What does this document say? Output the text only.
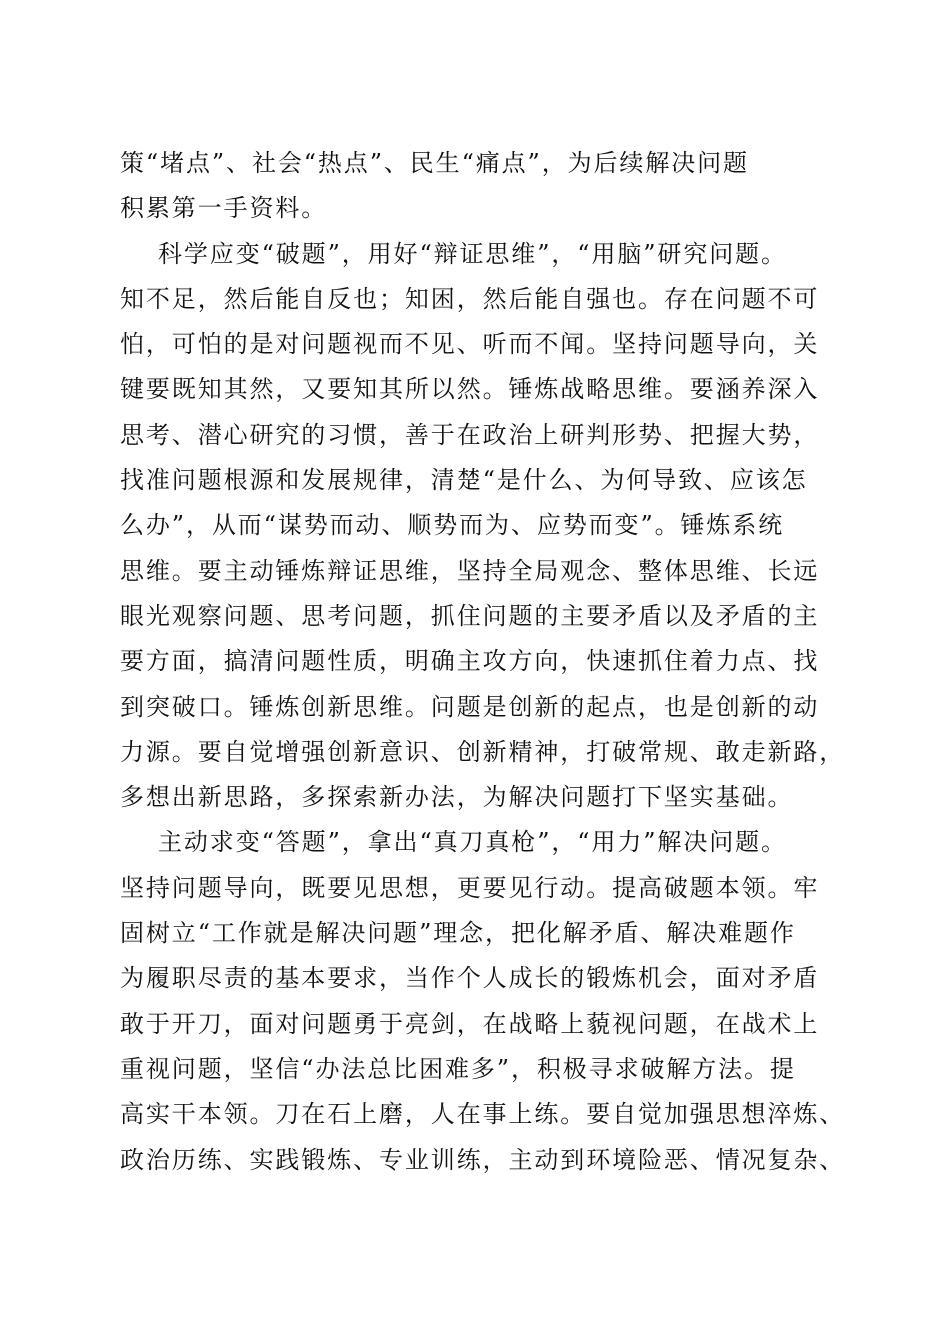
策“堵点”、社会“热点”、民生“痛点”，为后续解决问题
积累第一手资料。
科学应变“破题”，用好“辩证思维”，“用脑”研究问题。
知不足，然后能自反也；知困，然后能自强也。存在问题不可
怕，可怕的是对问题视而不见、听而不闻。坚持问题导向，关
键要既知其然，又要知其所以然。锤炼战略思维。要涵养深入
思考、潜心研究的习惯，善于在政治上研判形势、把握大势，
找准问题根源和发展规律，清楚“是什么、为何导致、应该怎
么办”，从而“谋势而动、顺势而为、应势而变”。锤炼系统
思维。要主动锤炼辩证思维，坚持全局观念、整体思维、长远
眼光观察问题、思考问题，抓住问题的主要矛盾以及矛盾的主
要方面，搞清问题性质，明确主攻方向，快速抓住着力点、找
到突破口。锤炼创新思维。问题是创新的起点，也是创新的动
力源。要自觉增强创新意识、创新精神，打破常规、敢走新路，
多想出新思路，多探索新办法，为解决问题打下坚实基础。
主动求变“答题”，拿出“真刀真枪”，“用力”解决问题。
坚持问题导向，既要见思想，更要见行动。提高破题本领。牢
固树立“工作就是解决问题”理念，把化解矛盾、解决难题作
为履职尽责的基本要求，当作个人成长的锻炼机会，面对矛盾
敢于开刀，面对问题勇于亮剑，在战略上藐视问题，在战术上
重视问题，坚信“办法总比困难多”，积极寻求破解方法。提
高实干本领。刀在石上磨，人在事上练。要自觉加强思想淬炼、
政治历练、实践锻炼、专业训练，主动到环境险恶、情况复杂、
